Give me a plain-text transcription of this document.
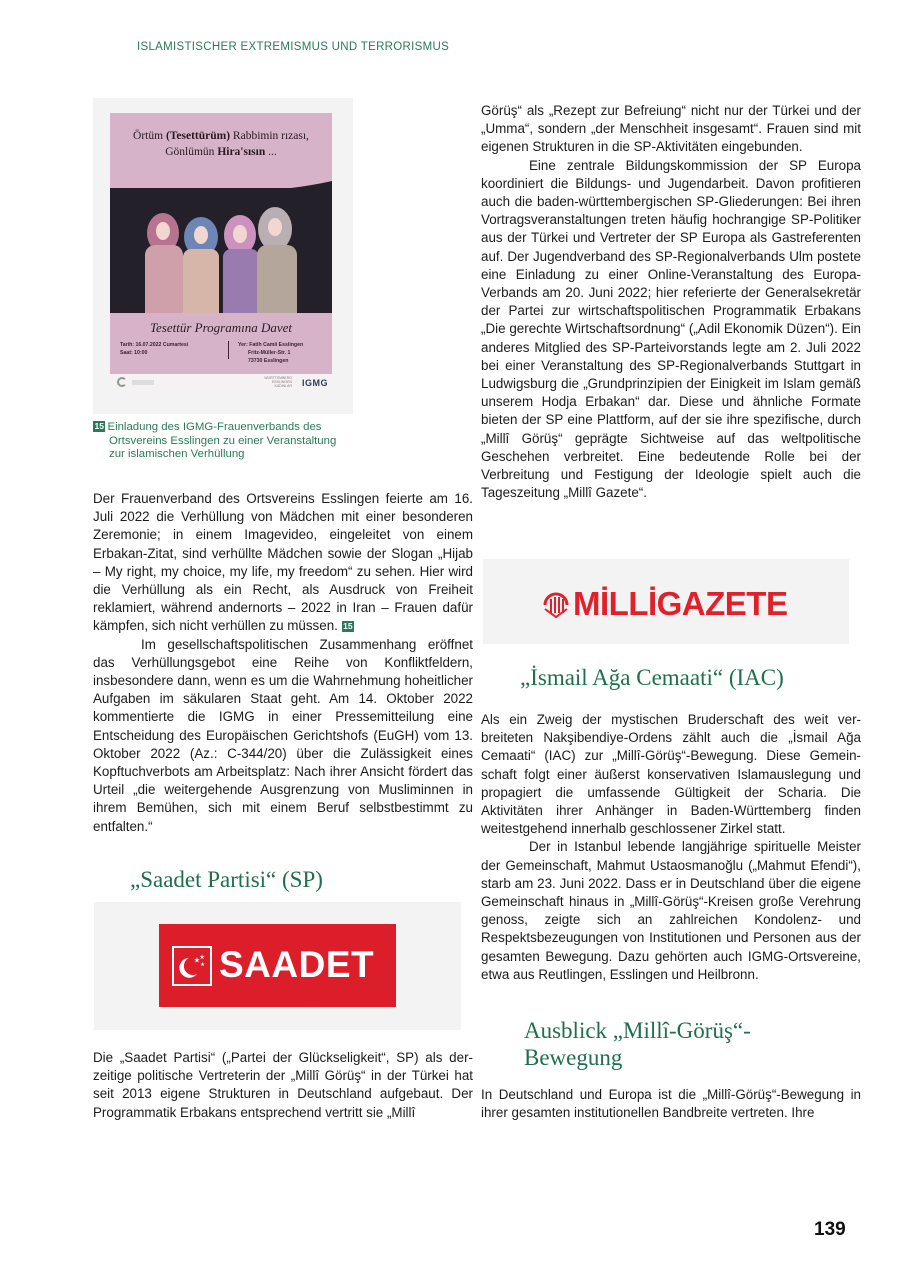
ISLAMISTISCHER EXTREMISMUS UND TERRORISMUS
Örtüm (Tesettürüm) Rabbimin rızası,
Gönlümün Hira'sısın ...
Tesettür Programına Davet
Tarih: 16.07.2022 Cumartesi
Saat: 10:00
Yer: Fatih Camii Esslingen
Fritz-Müller-Str. 1
73730 Esslingen
WÜRTTEMBERG
ESSLINGEN
KADINLAR IGMG
15 Einladung des IGMG-Frauenverbands des
Ortsvereins Esslingen zu einer Veranstaltung
zur islamischen Verhüllung

Der Frauenverband des Ortsvereins Esslingen feierte am 16. Juli 2022 die Verhüllung von Mädchen mit einer besonderen Zeremonie; in einem Imagevideo, eingeleitet von einem Erbakan-Zitat, sind verhüllte Mädchen sowie der Slogan „Hijab – My right, my choice, my life, my freedom“ zu sehen. Hier wird die Verhüllung als ein Recht, als Ausdruck von Freiheit reklamiert, während andernorts – 2022 in Iran – Frauen dafür kämpfen, sich nicht verhüllen zu müssen. 15

Im gesellschaftspolitischen Zusammenhang eröffnet das Verhüllungsgebot eine Reihe von Konfliktfeldern, insbesondere dann, wenn es um die Wahrnehmung hoheitlicher Aufgaben im säkularen Staat geht. Am 14. Oktober 2022 kommentierte die IGMG in einer Pressemitteilung eine Entscheidung des Europäischen Gerichtshofs (EuGH) vom 13. Oktober 2022 (Az.: C-344/20) über die Zulässigkeit eines Kopftuchverbots am Arbeitsplatz: Nach ihrer Ansicht fördert das Urteil „die weitergehende Ausgrenzung von Musliminnen in ihrem Bemühen, sich mit einem Beruf selbstbestimmt zu entfalten.“

„Saadet Partisi“ (SP)
★
★
★ SAADET

Die „Saadet Partisi“ („Partei der Glückseligkeit“, SP) als derzeitige politische Vertreterin der „Millî Görüş“ in der Türkei hat seit 2013 eigene Strukturen in Deutschland aufgebaut. Der Programmatik Erbakans entsprechend vertritt sie „Millî

Görüş“ als „Rezept zur Befreiung“ nicht nur der Türkei und der „Umma“, sondern „der Menschheit insgesamt“. Frauen sind mit eigenen Strukturen in die SP-Aktivitäten eingebunden.

Eine zentrale Bildungskommission der SP Europa koordiniert die Bildungs- und Jugendarbeit. Davon profitieren auch die baden-württembergischen SP-Gliederungen: Bei ihren Vortragsveranstaltungen treten häufig hochrangige SP-Politiker aus der Türkei und Vertreter der SP Europa als Gastreferenten auf. Der Jugendverband des SP-Regionalverbands Ulm postete eine Einladung zu einer Online-Veranstaltung des Europa-Verbands am 20. Juni 2022; hier referierte der Generalsekretär der Partei zur wirtschaftspolitischen Programmatik Erbakans „Die gerechte Wirtschaftsordnung“ („Adil Ekonomik Düzen“). Ein anderes Mitglied des SP-Parteivorstands legte am 2. Juli 2022 bei einer Veranstaltung des SP-Regionalverbands Stuttgart in Ludwigsburg die „Grundprinzipien der Einigkeit im Islam gemäß unserem Hodja Erbakan“ dar. Diese und ähnliche Formate bieten der SP eine Plattform, auf der sie ihre spezifische, durch „Millî Görüş“ geprägte Sichtweise auf das weltpolitische Geschehen verbreitet. Eine bedeutende Rolle bei der Verbreitung und Festigung der Ideologie spielt auch die Tageszeitung „Millî Gazete“.

MİLLİGAZETE
„İsmail Ağa Cemaati“ (IAC)

Als ein Zweig der mystischen Bruderschaft des weit verbreiteten Nakşibendiye-Ordens zählt auch die „İsmail Ağa Cemaati“ (IAC) zur „Millî-Görüş“-Bewegung. Diese Gemeinschaft folgt einer äußerst konservativen Islamauslegung und propagiert die umfassende Gültigkeit der Scharia. Die Aktivitäten ihrer Anhänger in Baden-Württemberg finden weitestgehend innerhalb geschlossener Zirkel statt.

Der in Istanbul lebende langjährige spirituelle Meister der Gemeinschaft, Mahmut Ustaosmanoğlu („Mahmut Efendi“), starb am 23. Juni 2022. Dass er in Deutschland über die eigene Gemeinschaft hinaus in „Millî-Görüş“-Kreisen große Verehrung genoss, zeigte sich an zahlreichen Kondolenz- und Respektsbezeugungen von Institutionen und Personen aus der gesamten Bewegung. Dazu gehörten auch IGMG-Ortsvereine, etwa aus Reutlingen, Esslingen und Heilbronn.

Ausblick „Millî-Görüş“-
Bewegung

In Deutschland und Europa ist die „Millî-Görüş“-Bewegung in ihrer gesamten institutionellen Bandbreite vertreten. Ihre

139
